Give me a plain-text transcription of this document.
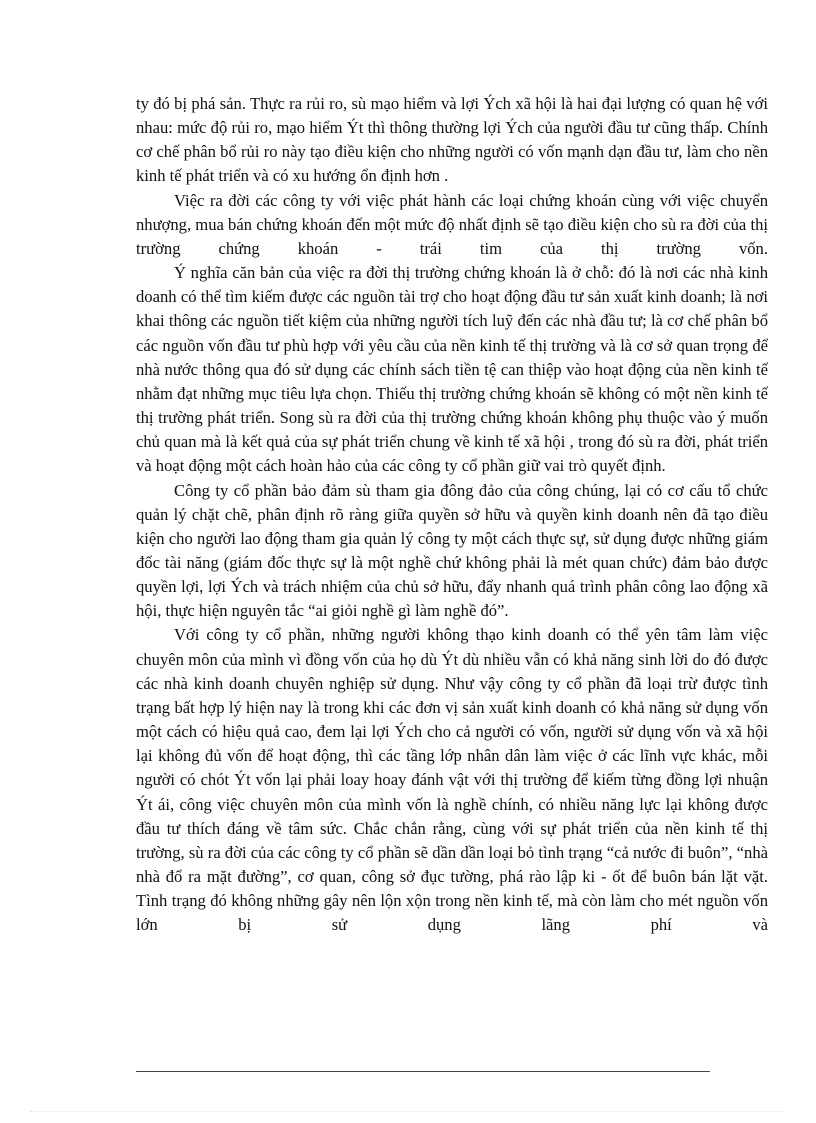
ty đó bị phá sản. Thực ra rủi ro, sù mạo hiểm và lợi Ých xã hội là hai đại lượng có quan hệ với nhau: mức độ rủi ro, mạo hiểm Ýt thì thông thường lợi Ých của người đầu tư cũng thấp. Chính cơ chế phân bổ rủi ro này tạo điều kiện cho những người có vốn mạnh dạn đầu tư, làm cho nền kinh tế phát triển và có xu hướng ổn định hơn .

Việc ra đời các công ty với việc phát hành các loại chứng khoán cùng với việc chuyển nhượng, mua bán chứng khoán đến một mức độ nhất định sẽ tạo điều kiện cho sù ra đời của thị trường chứng khoán - trái tim của thị trường vốn.

Ý nghĩa căn bản của việc ra đời thị trường chứng khoán là ở chỗ: đó là nơi các nhà kinh doanh có thể tìm kiếm được các nguồn tài trợ cho hoạt động đầu tư sản xuất kinh doanh; là nơi khai thông các nguồn tiết kiệm của những người tích luỹ đến các nhà đầu tư; là cơ chế phân bổ các nguồn vốn đầu tư phù hợp với yêu cầu của nền kinh tế thị trường và là cơ sở quan trọng để nhà nước thông qua đó sử dụng các chính sách tiền tệ can thiệp vào hoạt động của nền kinh tế nhằm đạt những mục tiêu lựa chọn. Thiếu thị trường chứng khoán sẽ không có một nền kinh tế thị trường phát triển. Song sù ra đời của thị trường chứng khoán không phụ thuộc vào ý muốn chủ quan mà là kết quả của sự phát triển chung về kinh tế xã hội , trong đó sù ra đời, phát triển và hoạt động một cách hoàn hảo của các công ty cổ phần giữ vai trò quyết định.

Công ty cổ phần bảo đảm sù tham gia đông đảo của công chúng, lại có cơ cấu tổ chức quản lý chặt chẽ, phân định rõ ràng giữa quyền sở hữu và quyền kinh doanh nên đã tạo điều kiện cho người lao động tham gia quản lý công ty một cách thực sự, sử dụng được những giám đốc tài năng (giám đốc thực sự là một nghề chứ không phải là mét quan chức) đảm bảo được quyền lợi, lợi Ých và trách nhiệm của chủ sở hữu, đẩy nhanh quá trình phân công lao động xã hội, thực hiện nguyên tắc “ai giỏi nghề gì làm nghề đó”.

Với công ty cổ phần, những người không thạo kinh doanh có thể yên tâm làm việc chuyên môn của mình vì đồng vốn của họ dù Ýt dù nhiều vẫn có khả năng sinh lời do đó được các nhà kinh doanh chuyên nghiệp sử dụng. Như vậy công ty cổ phần đã loại trừ được tình trạng bất hợp lý hiện nay là trong khi các đơn vị sản xuất kinh doanh có khả năng sử dụng vốn một cách có hiệu quả cao, đem lại lợi Ých cho cả người có vốn, người sử dụng vốn và xã hội lại không đủ vốn để hoạt động, thì các tầng lớp nhân dân làm việc ở các lĩnh vực khác, mỗi người có chót Ýt vốn lại phải loay hoay đánh vật với thị trường để kiếm từng đồng lợi nhuận Ýt ái, công việc chuyên môn của mình vốn là nghề chính, có nhiều năng lực lại không được đầu tư thích đáng về tâm sức. Chắc chắn rằng, cùng với sự phát triển của nền kinh tế thị trường, sù ra đời của các công ty cổ phần sẽ dần dần loại bỏ tình trạng “cả nước đi buôn”, “nhà nhà đổ ra mặt đường”, cơ quan, công sở đục tường, phá rào lập ki - ốt để buôn bán lặt vặt. Tình trạng đó không những gây nên lộn xộn trong nền kinh tế, mà còn làm cho mét nguồn vốn lớn bị sử dụng lãng phí và
